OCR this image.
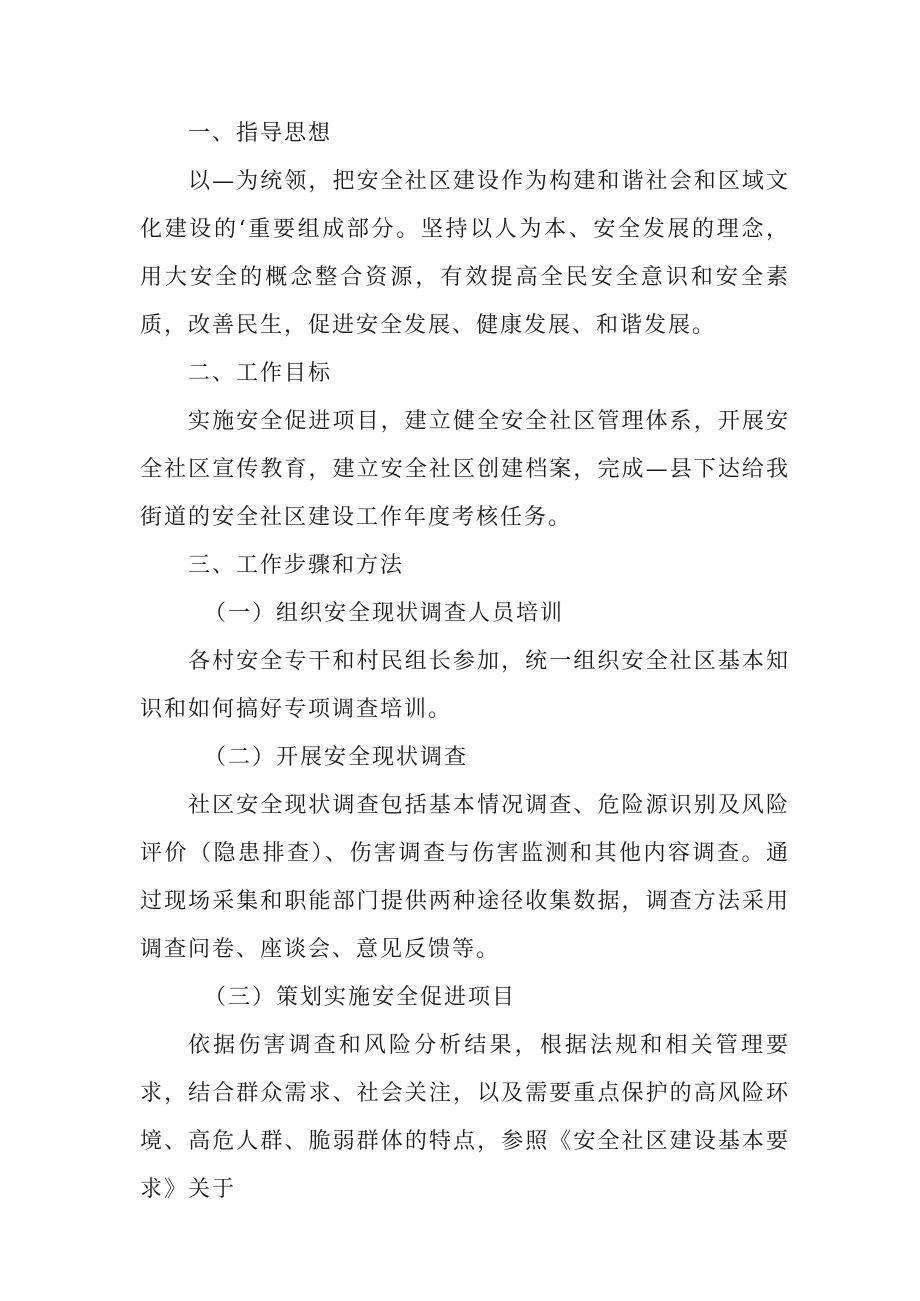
一、指导思想

以—为统领，把安全社区建设作为构建和谐社会和区域文化建设的‘重要组成部分。坚持以人为本、安全发展的理念，用大安全的概念整合资源，有效提高全民安全意识和安全素质，改善民生，促进安全发展、健康发展、和谐发展。

二、工作目标

实施安全促进项目，建立健全安全社区管理体系，开展安全社区宣传教育，建立安全社区创建档案，完成—县下达给我街道的安全社区建设工作年度考核任务。

三、工作步骤和方法

（一）组织安全现状调查人员培训

各村安全专干和村民组长参加，统一组织安全社区基本知识和如何搞好专项调查培训。

（二）开展安全现状调查

社区安全现状调查包括基本情况调查、危险源识别及风险评价（隐患排查）、伤害调查与伤害监测和其他内容调查。通过现场采集和职能部门提供两种途径收集数据，调查方法采用调查问卷、座谈会、意见反馈等。

（三）策划实施安全促进项目

依据伤害调查和风险分析结果，根据法规和相关管理要求，结合群众需求、社会关注，以及需要重点保护的高风险环境、高危人群、脆弱群体的特点，参照《安全社区建设基本要求》关于
